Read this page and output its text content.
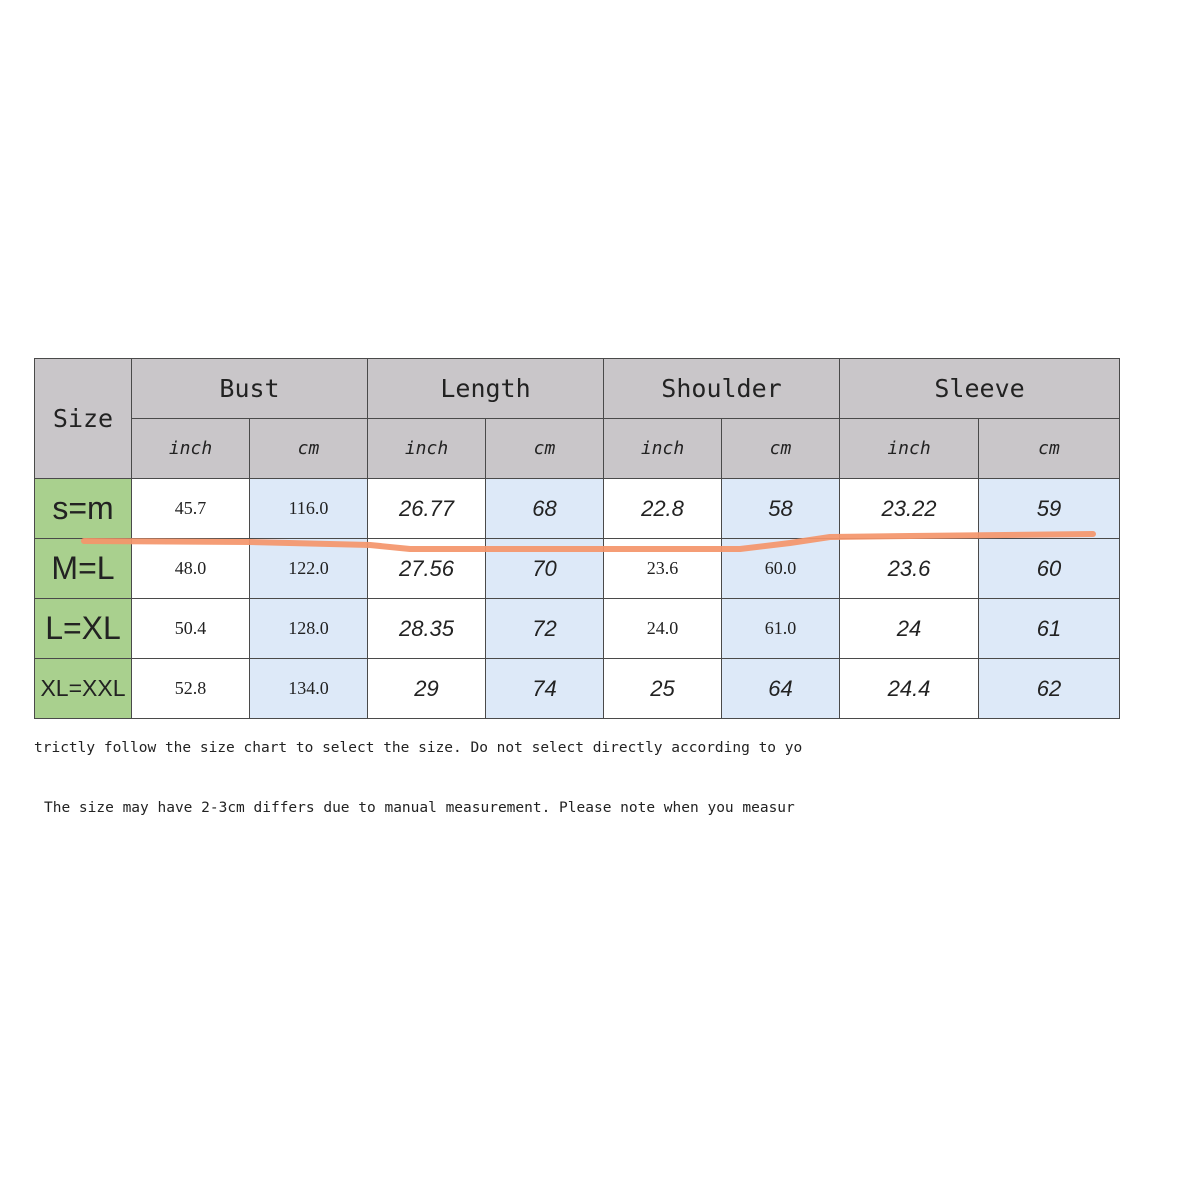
Size	Bust		Length		Shoulder		Sleeve	
	inch	cm	inch	cm	inch	cm	inch	cm
s=m	45.7	116.0	26.77	68	22.8	58	23.22	59
M=L	48.0	122.0	27.56	70	23.6	60.0	23.6	60
L=XL	50.4	128.0	28.35	72	24.0	61.0	24	61
XL=XXL	52.8	134.0	29	74	25	64	24.4	62
trictly follow the size chart to select the size. Do not select directly according to yo
The size may have 2-3cm differs due to manual measurement. Please note when you measur
